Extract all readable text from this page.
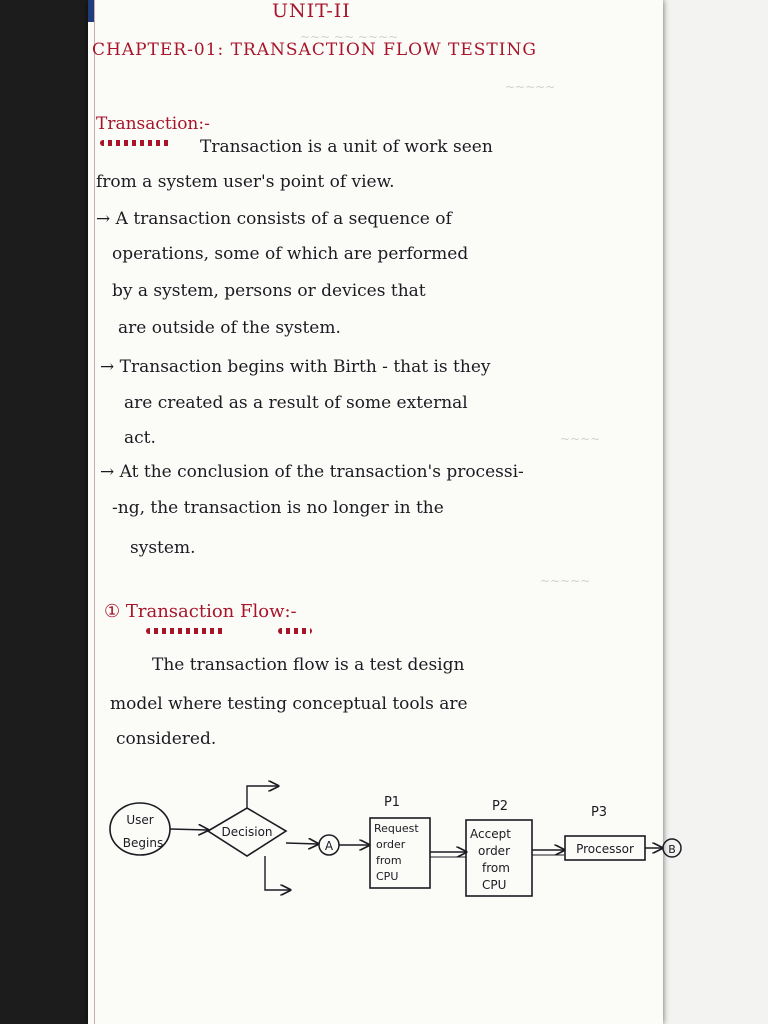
~~~ ~~ ~~~~
~~~~~
~~~~
~~~~~
UNIT-II
CHAPTER-01: TRANSACTION FLOW TESTING
Transaction:-
Transaction is a unit of work seen
from a system user's point of view.
→ A transaction consists of a sequence of
operations, some of which are performed
by a system, persons or devices that
are outside of the system.
→ Transaction begins with Birth - that is they
are created as a result of some external
act.
→ At the conclusion of the transaction's processi-
-ng, the transaction is no longer in the
system.
① Transaction Flow:-
The transaction flow is a test design
model where testing conceptual tools are
considered.
User
Begins
Decision
A
P1
Request
order
from
CPU
P2
Accept
order
from
CPU
P3
Processor	B
